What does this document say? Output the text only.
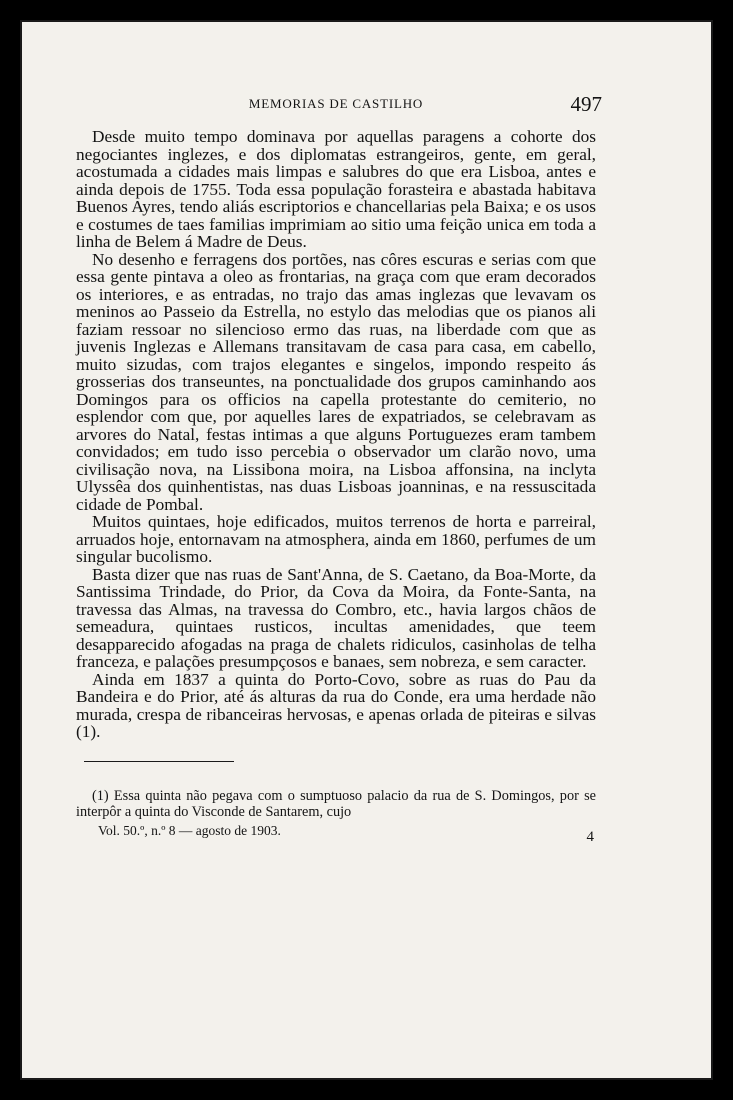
MEMORIAS DE CASTILHO	497

Desde muito tempo dominava por aquellas paragens a cohorte dos negociantes inglezes, e dos diplomatas estrangeiros, gente, em geral, acostumada a cidades mais limpas e salubres do que era Lisboa, antes e ainda depois de 1755. Toda essa população forasteira e abastada habitava Buenos Ayres, tendo aliás escriptorios e chancellarias pela Baixa; e os usos e costumes de taes familias imprimiam ao sitio uma feição unica em toda a linha de Belem á Madre de Deus.

No desenho e ferragens dos portões, nas côres escuras e serias com que essa gente pintava a oleo as frontarias, na graça com que eram decorados os interiores, e as entradas, no trajo das amas inglezas que levavam os meninos ao Passeio da Estrella, no estylo das melodias que os pianos ali faziam ressoar no silencioso ermo das ruas, na liberdade com que as juvenis Inglezas e Allemans transitavam de casa para casa, em cabello, muito sizudas, com trajos elegantes e singelos, impondo respeito ás grosserias dos transeuntes, na ponctualidade dos grupos caminhando aos Domingos para os officios na capella protestante do cemiterio, no esplendor com que, por aquelles lares de expatriados, se celebravam as arvores do Natal, festas intimas a que alguns Portuguezes eram tambem convidados; em tudo isso percebia o observador um clarão novo, uma civilisação nova, na Lissibona moira, na Lisboa affonsina, na inclyta Ulyssêa dos quinhentistas, nas duas Lisboas joanninas, e na ressuscitada cidade de Pombal.

Muitos quintaes, hoje edificados, muitos terrenos de horta e parreiral, arruados hoje, entornavam na atmosphera, ainda em 1860, perfumes de um singular bucolismo.

Basta dizer que nas ruas de Sant'Anna, de S. Caetano, da Boa-Morte, da Santissima Trindade, do Prior, da Cova da Moira, da Fonte-Santa, na travessa das Almas, na travessa do Combro, etc., havia largos chãos de semeadura, quintaes rusticos, incultas amenidades, que teem desapparecido afogadas na praga de chalets ridiculos, casinholas de telha franceza, e palações presumpçosos e banaes, sem nobreza, e sem caracter.

Ainda em 1837 a quinta do Porto-Covo, sobre as ruas do Pau da Bandeira e do Prior, até ás alturas da rua do Conde, era uma herdade não murada, crespa de ribanceiras hervosas, e apenas orlada de piteiras e silvas (1).

(1) Essa quinta não pegava com o sumptuoso palacio da rua de S. Domingos, por se interpôr a quinta do Visconde de Santarem, cujo

Vol. 50.º, n.º 8 — agosto de 1903.	4
